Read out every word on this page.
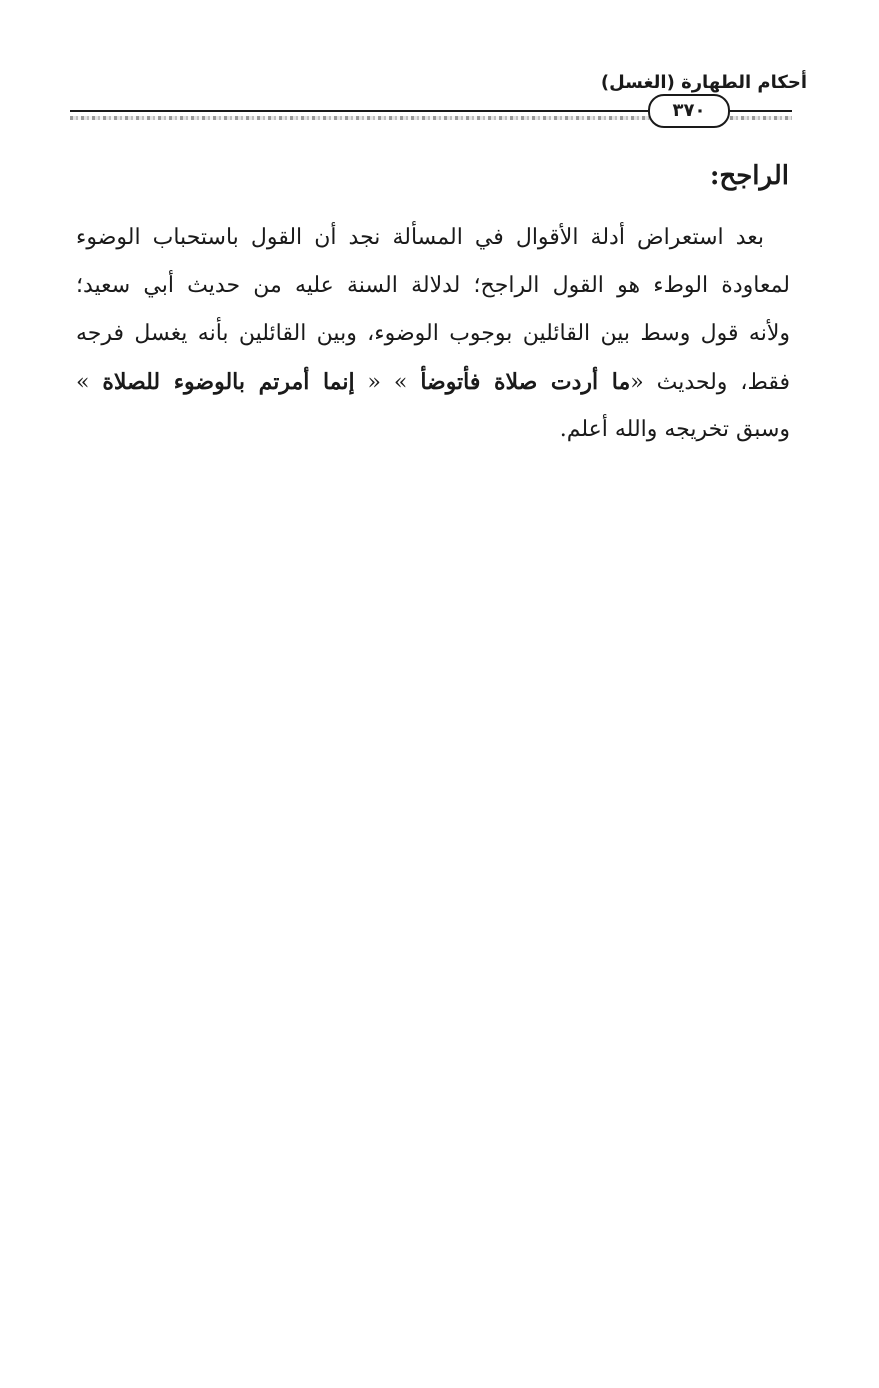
أحكام الطهارة (الغسل)
٣٧٠
الراجح:
بعد استعراض أدلة الأقوال في المسألة نجد أن القول باستحباب الوضوء
لمعاودة الوطء هو القول الراجح؛ لدلالة السنة عليه من حديث أبي سعيد؛
ولأنه قول وسط بين القائلين بوجوب الوضوء، وبين القائلين بأنه يغسل فرجه
فقط، ولحديث «ما أردت صلاة فأتوضأ » « إنما أمرتم بالوضوء للصلاة »
وسبق تخريجه والله أعلم.
